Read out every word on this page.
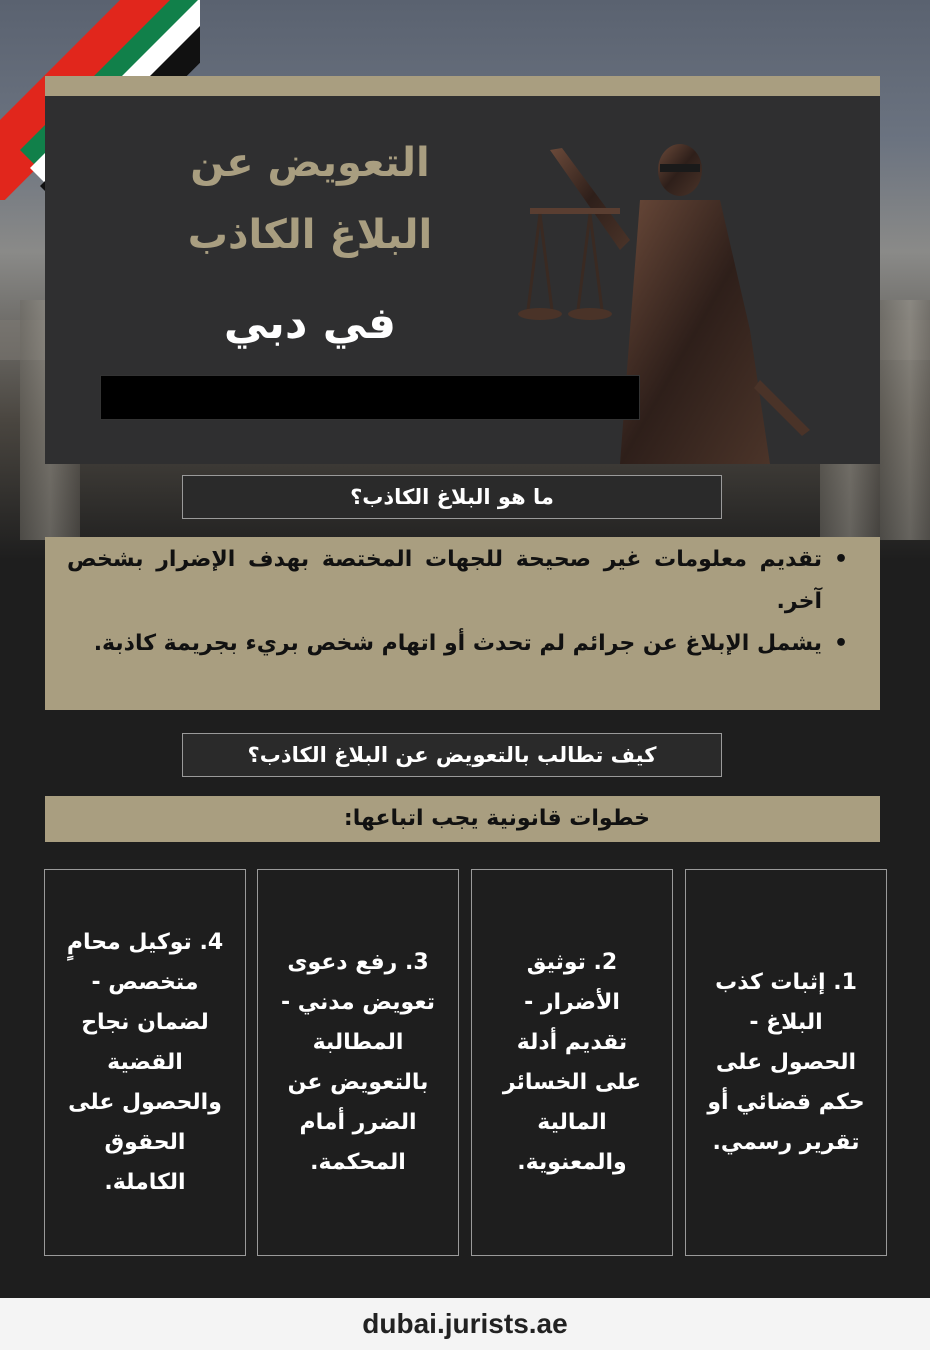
التعويض عن
البلاغ الكاذب
في دبي
ما هو البلاغ الكاذب؟
• تقديم معلومات غير صحيحة للجهات المختصة بهدف الإضرار بشخص آخر.
• يشمل الإبلاغ عن جرائم لم تحدث أو اتهام شخص بريء بجريمة كاذبة.
كيف تطالب بالتعويض عن البلاغ الكاذب؟
خطوات قانونية يجب اتباعها:

1. إثبات كذب البلاغ - الحصول على حكم قضائي أو تقرير رسمي.

2. توثيق الأضرار - تقديم أدلة على الخسائر المالية والمعنوية.

3. رفع دعوى تعويض مدني - المطالبة بالتعويض عن الضرر أمام المحكمة.

4. توكيل محامٍ متخصص - لضمان نجاح القضية والحصول على الحقوق الكاملة.

dubai.jurists.ae
